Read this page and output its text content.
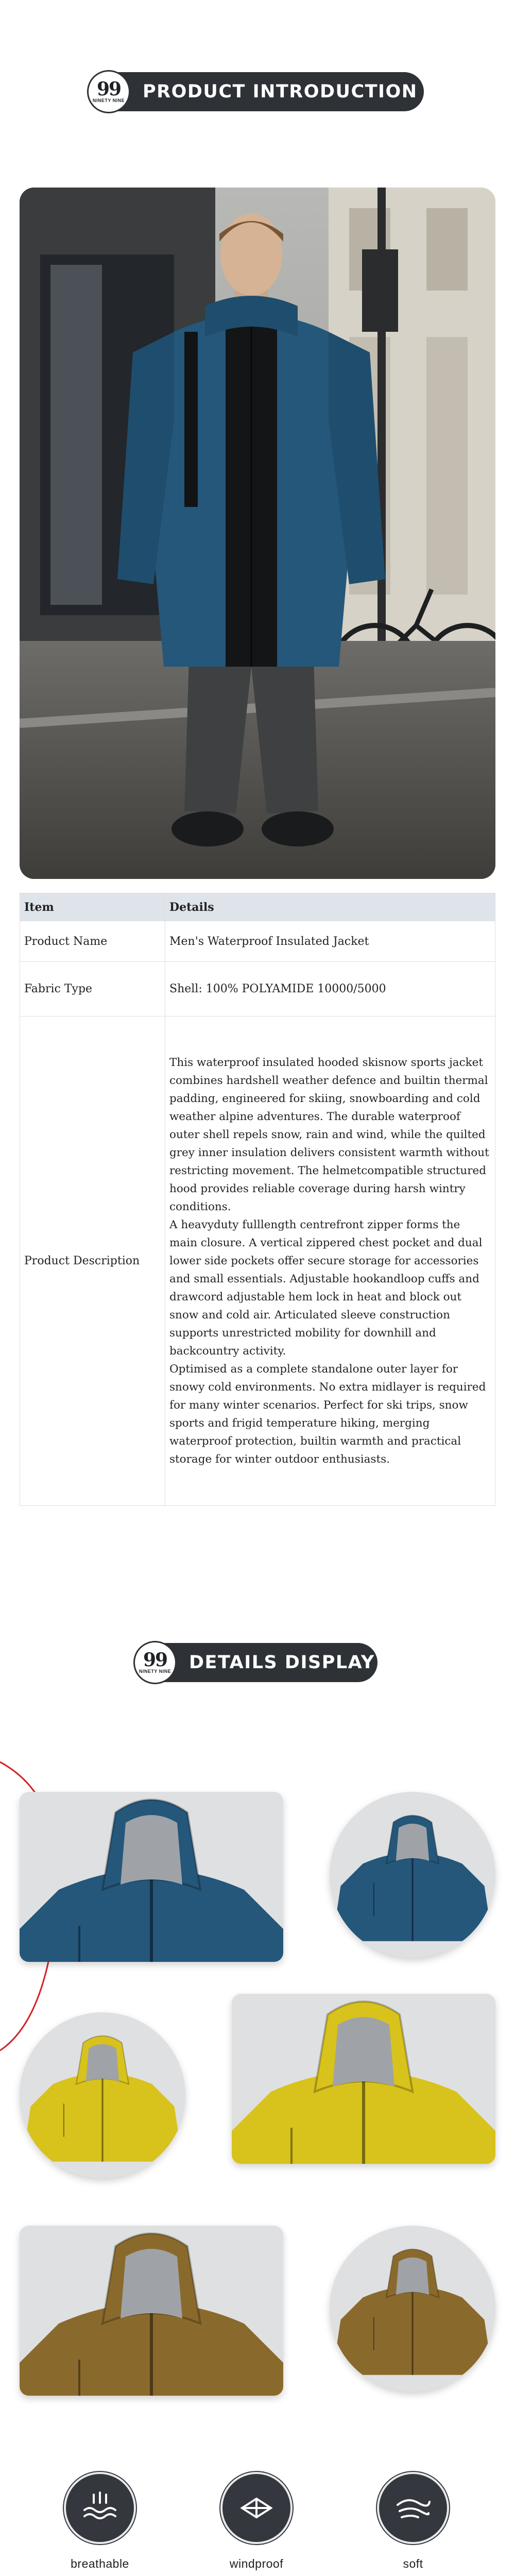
99
NINETY NINE PRODUCT INTRODUCTION
Item	Details
Product Name	Men's Waterproof Insulated Jacket
Fabric Type	Shell: 100% POLYAMIDE 10000/5000
Product Description	This waterproof insulated hooded skisnow sports jacket combines hardshell weather defence and builtin thermal padding, engineered for skiing, snowboarding and cold weather alpine adventures. The durable waterproof outer shell repels snow, rain and wind, while the quilted grey inner insulation delivers consistent warmth without restricting movement. The helmetcompatible structured hood provides reliable coverage during harsh wintry conditions.

A heavyduty fulllength centrefront zipper forms the main closure. A vertical zippered chest pocket and dual lower side pockets offer secure storage for accessories and small essentials. Adjustable hookandloop cuffs and drawcord adjustable hem lock in heat and block out snow and cold air. Articulated sleeve construction supports unrestricted mobility for downhill and backcountry activity.

Optimised as a complete standalone outer layer for snowy cold environments. No extra midlayer is required for many winter scenarios. Perfect for ski trips, snow sports and frigid temperature hiking, merging waterproof protection, builtin warmth and practical storage for winter outdoor enthusiasts.

99
NINETY NINE DETAILS DISPLAY
breathable	windproof	soft
